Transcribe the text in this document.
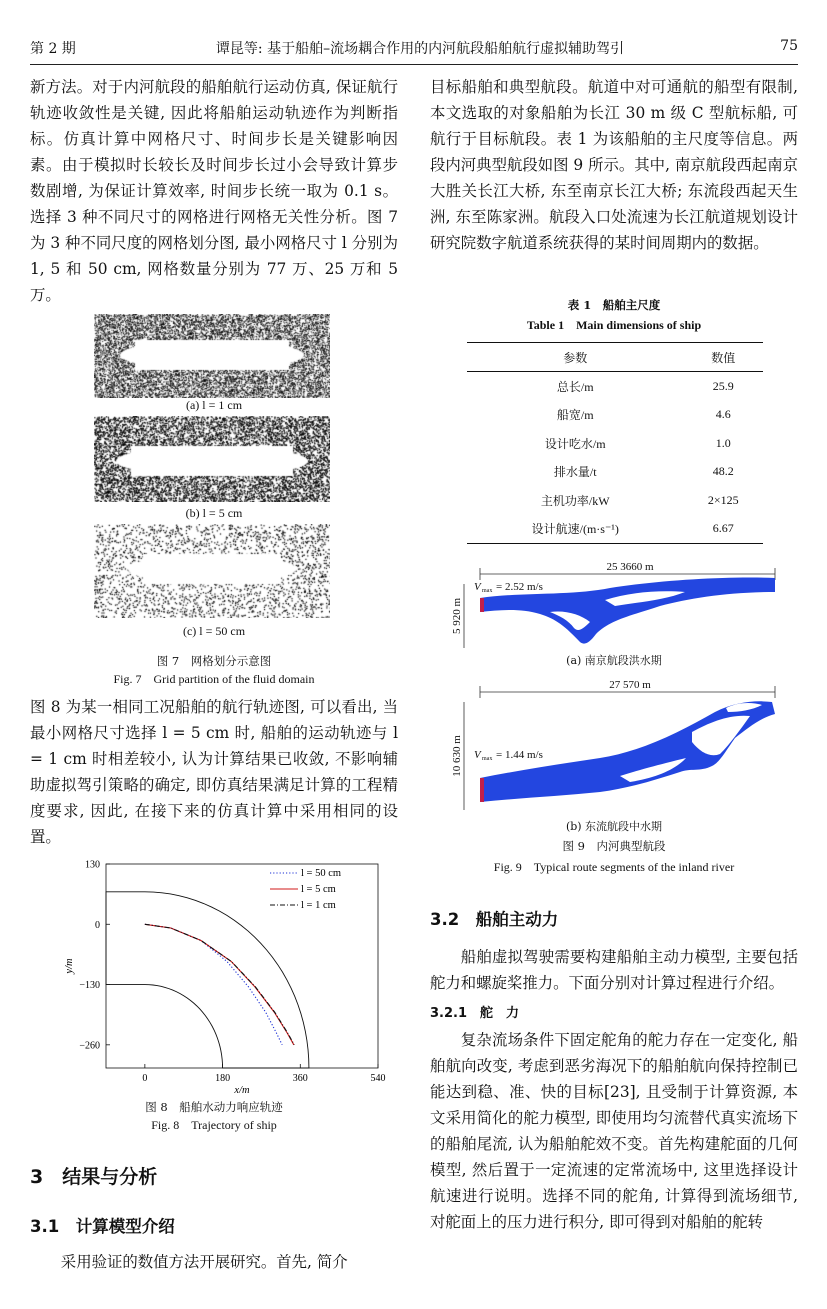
第 2 期	谭昆等: 基于船舶–流场耦合作用的内河航段船舶航行虚拟辅助驾引	75

新方法。对于内河航段的船舶航行运动仿真, 保证航行轨迹收敛性是关键, 因此将船舶运动轨迹作为判断指标。仿真计算中网格尺寸、时间步长是关键影响因素。由于模拟时长较长及时间步长过小会导致计算步数剧增, 为保证计算效率, 时间步长统一取为 0.1 s。选择 3 种不同尺寸的网格进行网格无关性分析。图 7 为 3 种不同尺度的网格划分图, 最小网格尺寸 l 分别为 1, 5 和 50 cm, 网格数量分别为 77 万、25 万和 5 万。

(a) l = 1 cm
(b) l = 5 cm
(c) l = 50 cm
图 7　网格划分示意图
Fig. 7　Grid partition of the fluid domain

图 8 为某一相同工况船舶的航行轨迹图, 可以看出, 当最小网格尺寸选择 l = 5 cm 时, 船舶的运动轨迹与 l = 1 cm 时相差较小, 认为计算结果已收敛, 不影响辅助虚拟驾引策略的确定, 即仿真结果满足计算的工程精度要求, 因此, 在接下来的仿真计算中采用相同的设置。

0	180	360	540
130
0
−130
−260
x/m
y/m
l = 50 cm
l = 5 cm
l = 1 cm
图 8　船舶水动力响应轨迹
Fig. 8　Trajectory of ship
3　结果与分析
3.1　计算模型介绍

采用验证的数值方法开展研究。首先, 简介

目标船舶和典型航段。航道中对可通航的船型有限制, 本文选取的对象船舶为长江 30 m 级 C 型航标船, 可航行于目标航段。表 1 为该船舶的主尺度等信息。两段内河典型航段如图 9 所示。其中, 南京航段西起南京大胜关长江大桥, 东至南京长江大桥; 东流段西起天生洲, 东至陈家洲。航段入口处流速为长江航道规划设计研究院数字航道系统获得的某时间周期内的数据。

表 1　船舶主尺度
Table 1　Main dimensions of ship
参数	数值
总长/m	25.9
船宽/m	4.6
设计吃水/m	1.0
排水量/t	48.2
主机功率/kW	2×125
设计航速/(m·s⁻¹)	6.67
25 3660 m
5 920 m
V max = 2.52 m/s
(a) 南京航段洪水期
27 570 m
10 630 m V max = 1.44 m/s
(b) 东流航段中水期
图 9　内河典型航段
Fig. 9　Typical route segments of the inland river
3.2　船舶主动力

船舶虚拟驾驶需要构建船舶主动力模型, 主要包括舵力和螺旋桨推力。下面分别对计算过程进行介绍。

3.2.1　舵　力

复杂流场条件下固定舵角的舵力存在一定变化, 船舶航向改变, 考虑到恶劣海况下的船舶航向保持控制已能达到稳、准、快的目标[23], 且受制于计算资源, 本文采用简化的舵力模型, 即使用均匀流替代真实流场下的船舶尾流, 认为船舶舵效不变。首先构建舵面的几何模型, 然后置于一定流速的定常流场中, 这里选择设计航速进行说明。选择不同的舵角, 计算得到流场细节, 对舵面上的压力进行积分, 即可得到对船舶的舵转
